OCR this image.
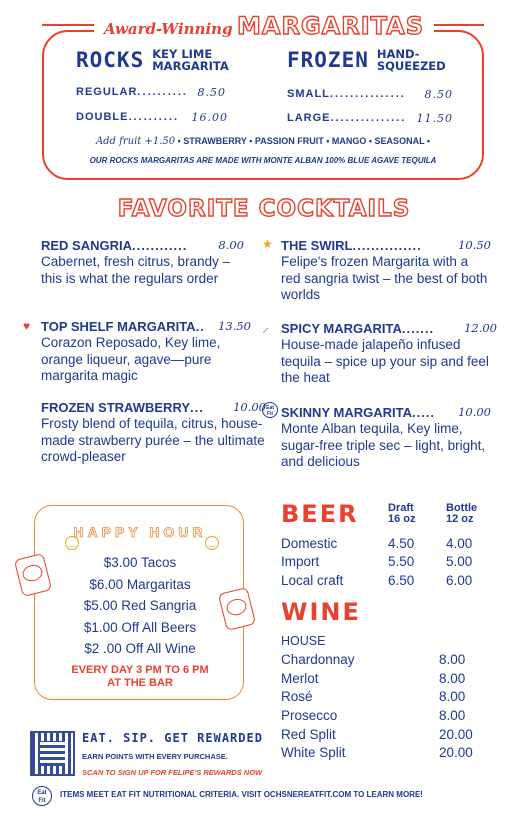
Award-Winning MARGARITAS
ROCKS KEY LIME
MARGARITA	FROZEN HAND-
SQUEEZED
REGULAR .......... 8.50
DOUBLE ..........	16.00
SMALL ...............	8.50
LARGE ............... 11.50
Add fruit +1.50 • STRAWBERRY • PASSION FRUIT • MANGO • SEASONAL •
OUR ROCKS MARGARITAS ARE MADE WITH MONTE ALBAN 100% BLUE AGAVE TEQUILA
FAVORITE COCKTAILS
RED SANGRIA ............	8.00
Cabernet, fresh citrus, brandy – this is what the regulars order
★ THE SWIRL ...............	10.50
Felipe's frozen Margarita with a red sangria twist – the best of both worlds
♥ TOP SHELF MARGARITA ..	13.50
Corazon Reposado, Key lime, orange liqueur, agave—pure margarita magic
⸝ SPICY MARGARITA .......	12.00
House-made jalapeño infused tequila – spice up your sip and feel the heat
FROZEN STRAWBERRY ...	10.00
Frosty blend of tequila, citrus, house-made strawberry purée – the ultimate crowd-pleaser
Eat
Fit SKINNY MARGARITA .....	10.00
Monte Alban tequila, Key lime, sugar-free triple sec – light, bright, and delicious
‿
HAPPY HOUR
‿
$3.00 Tacos
$6.00 Margaritas
$5.00 Red Sangria
$1.00 Off All Beers
$2 .00 Off All Wine
EVERY DAY 3 PM TO 6 PM
AT THE BAR
BEER	Draft
16 oz
Bottle
12 oz
Domestic	4.50 4.00
Import	5.50 5.00
Local craft	6.50 6.00
WINE
HOUSE
Chardonnay	8.00
Merlot	8.00
Rosé	8.00
Prosecco	8.00
Red Split	20.00
White Split	20.00
EAT. SIP. GET REWARDED
EARN POINTS WITH EVERY PURCHASE.
SCAN TO SIGN UP FOR FELIPE'S REWARDS NOW
Eat Fit
ITEMS MEET EAT FIT NUTRITIONAL CRITERIA. VISIT OCHSNEREATFIT.COM TO LEARN MORE!
